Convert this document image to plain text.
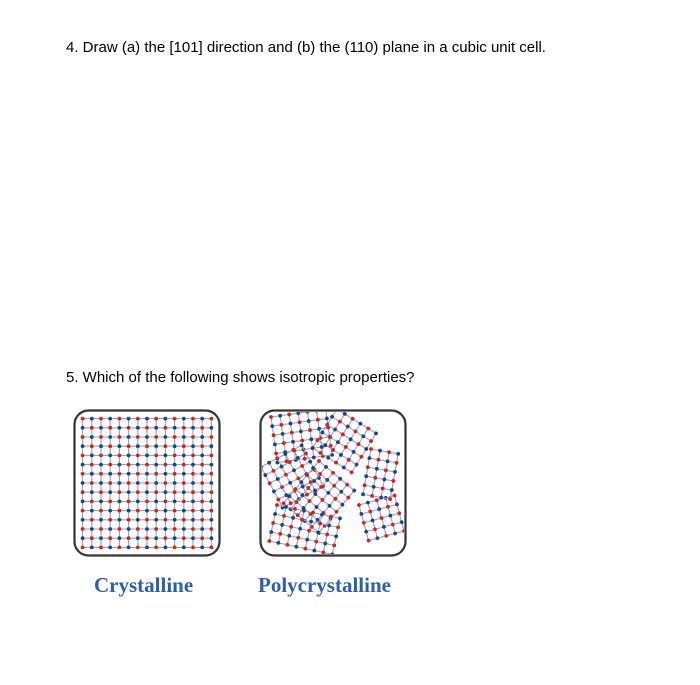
4. Draw (a) the [101] direction and (b) the (110) plane in a cubic unit cell.
5. Which of the following shows isotropic properties?
Crystalline	Polycrystalline
